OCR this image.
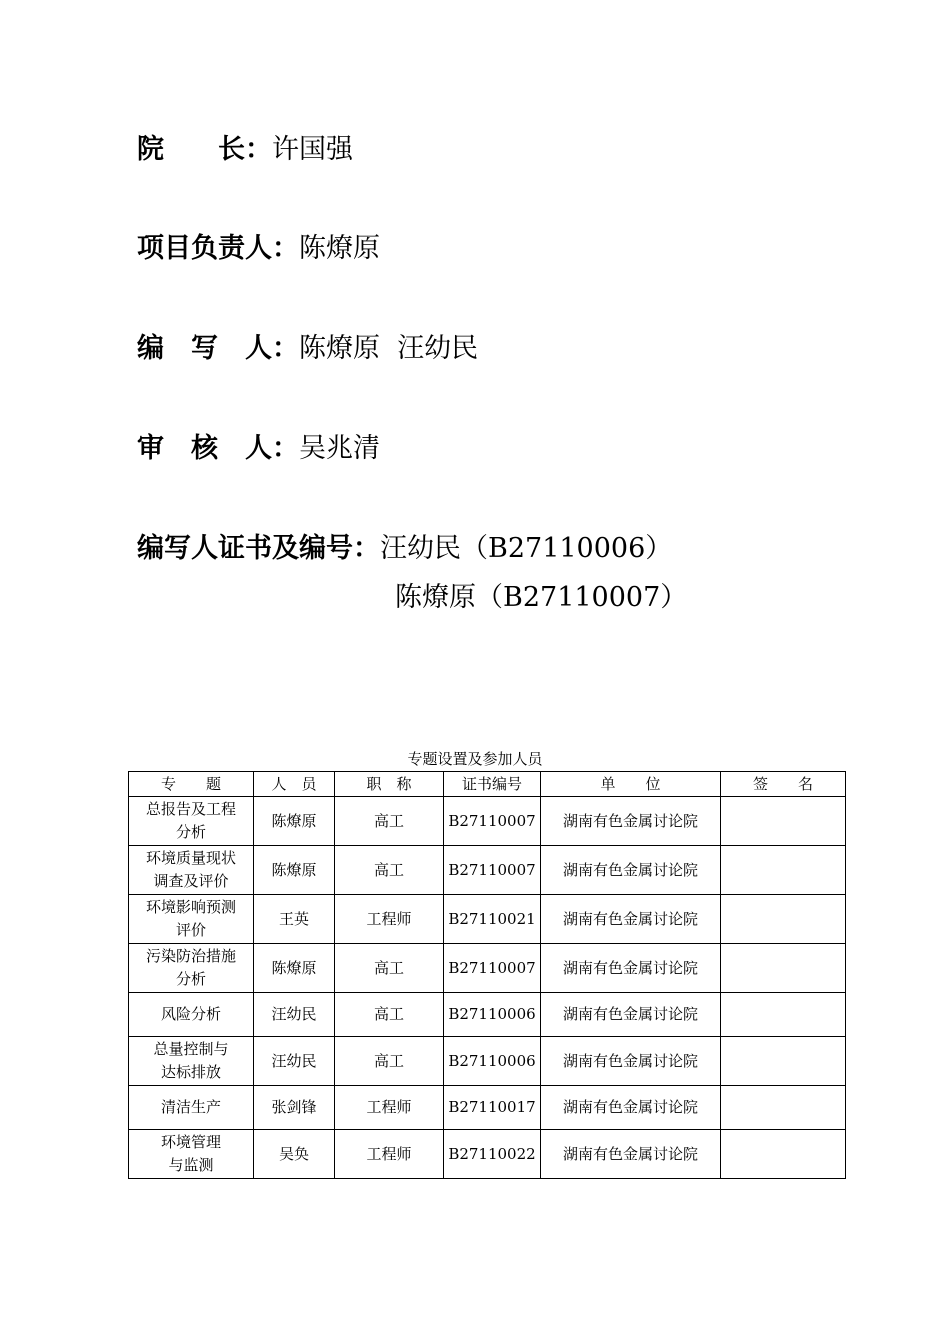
院　　长：许国强
项目负责人：陈燎原
编　写　人：陈燎原  汪幼民
审　核　人：吴兆清
编写人证书及编号：汪幼民（B27110006）
陈燎原（B27110007）
专题设置及参加人员
专　　题	人　员	职　称	证书编号	单　　位	签　　名
总报告及工程
分析	陈燎原	高工	B27110007	湖南有色金属讨论院	
环境质量现状
调查及评价	陈燎原	高工	B27110007	湖南有色金属讨论院	
环境影响预测
评价	王英	工程师	B27110021	湖南有色金属讨论院	
污染防治措施
分析	陈燎原	高工	B27110007	湖南有色金属讨论院	
风险分析	汪幼民	高工	B27110006	湖南有色金属讨论院	
总量控制与
达标排放	汪幼民	高工	B27110006	湖南有色金属讨论院	
清洁生产	张剑锋	工程师	B27110017	湖南有色金属讨论院	
环境管理
与监测	吴奂	工程师	B27110022	湖南有色金属讨论院	
